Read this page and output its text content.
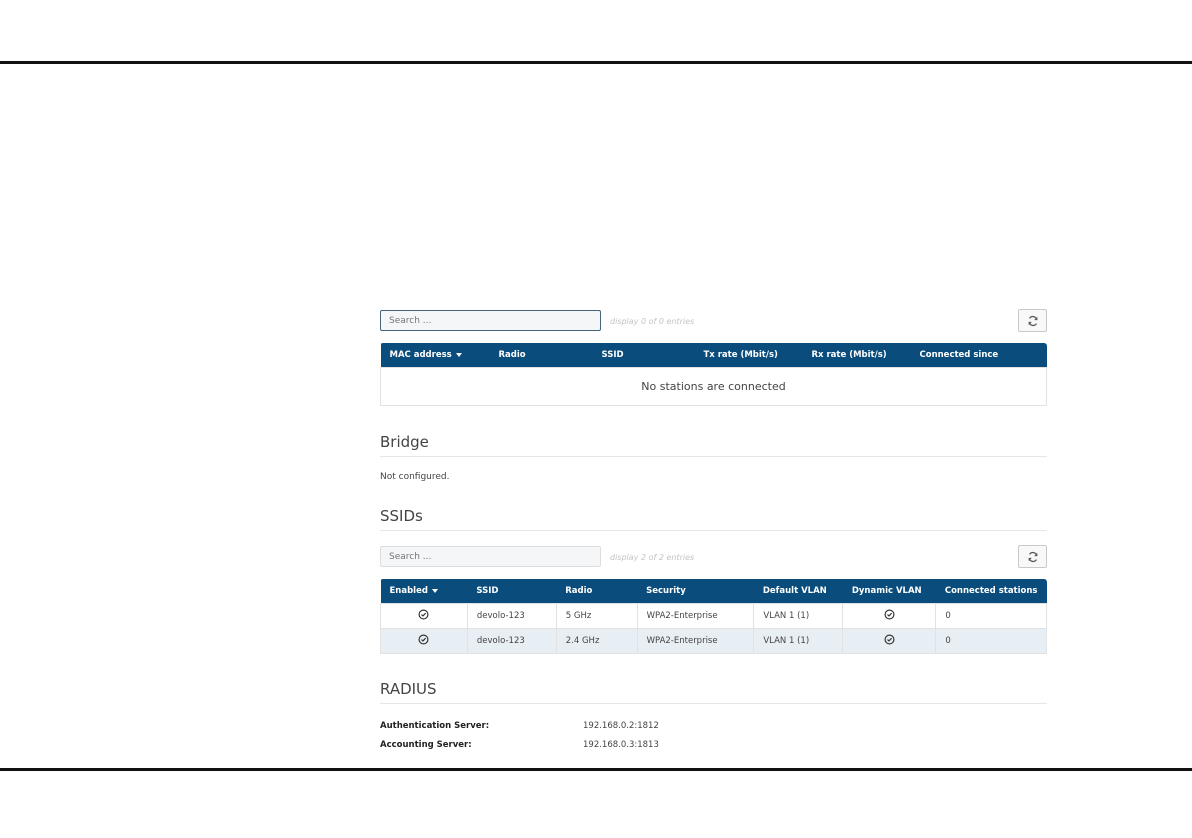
Search ...
display 0 of 0 entries
MAC address	Radio	SSID	Tx rate (Mbit/s)	Rx rate (Mbit/s)	Connected since
No stations are connected
Bridge
Not configured.
SSIDs
Search ...
display 2 of 2 entries
Enabled	SSID	Radio	Security	Default VLAN	Dynamic VLAN	Connected stations
	devolo-123	5 GHz	WPA2-Enterprise	VLAN 1 (1)		0
	devolo-123	2.4 GHz	WPA2-Enterprise	VLAN 1 (1)		0
RADIUS
Authentication Server:	192.168.0.2:1812
Accounting Server:	192.168.0.3:1813
